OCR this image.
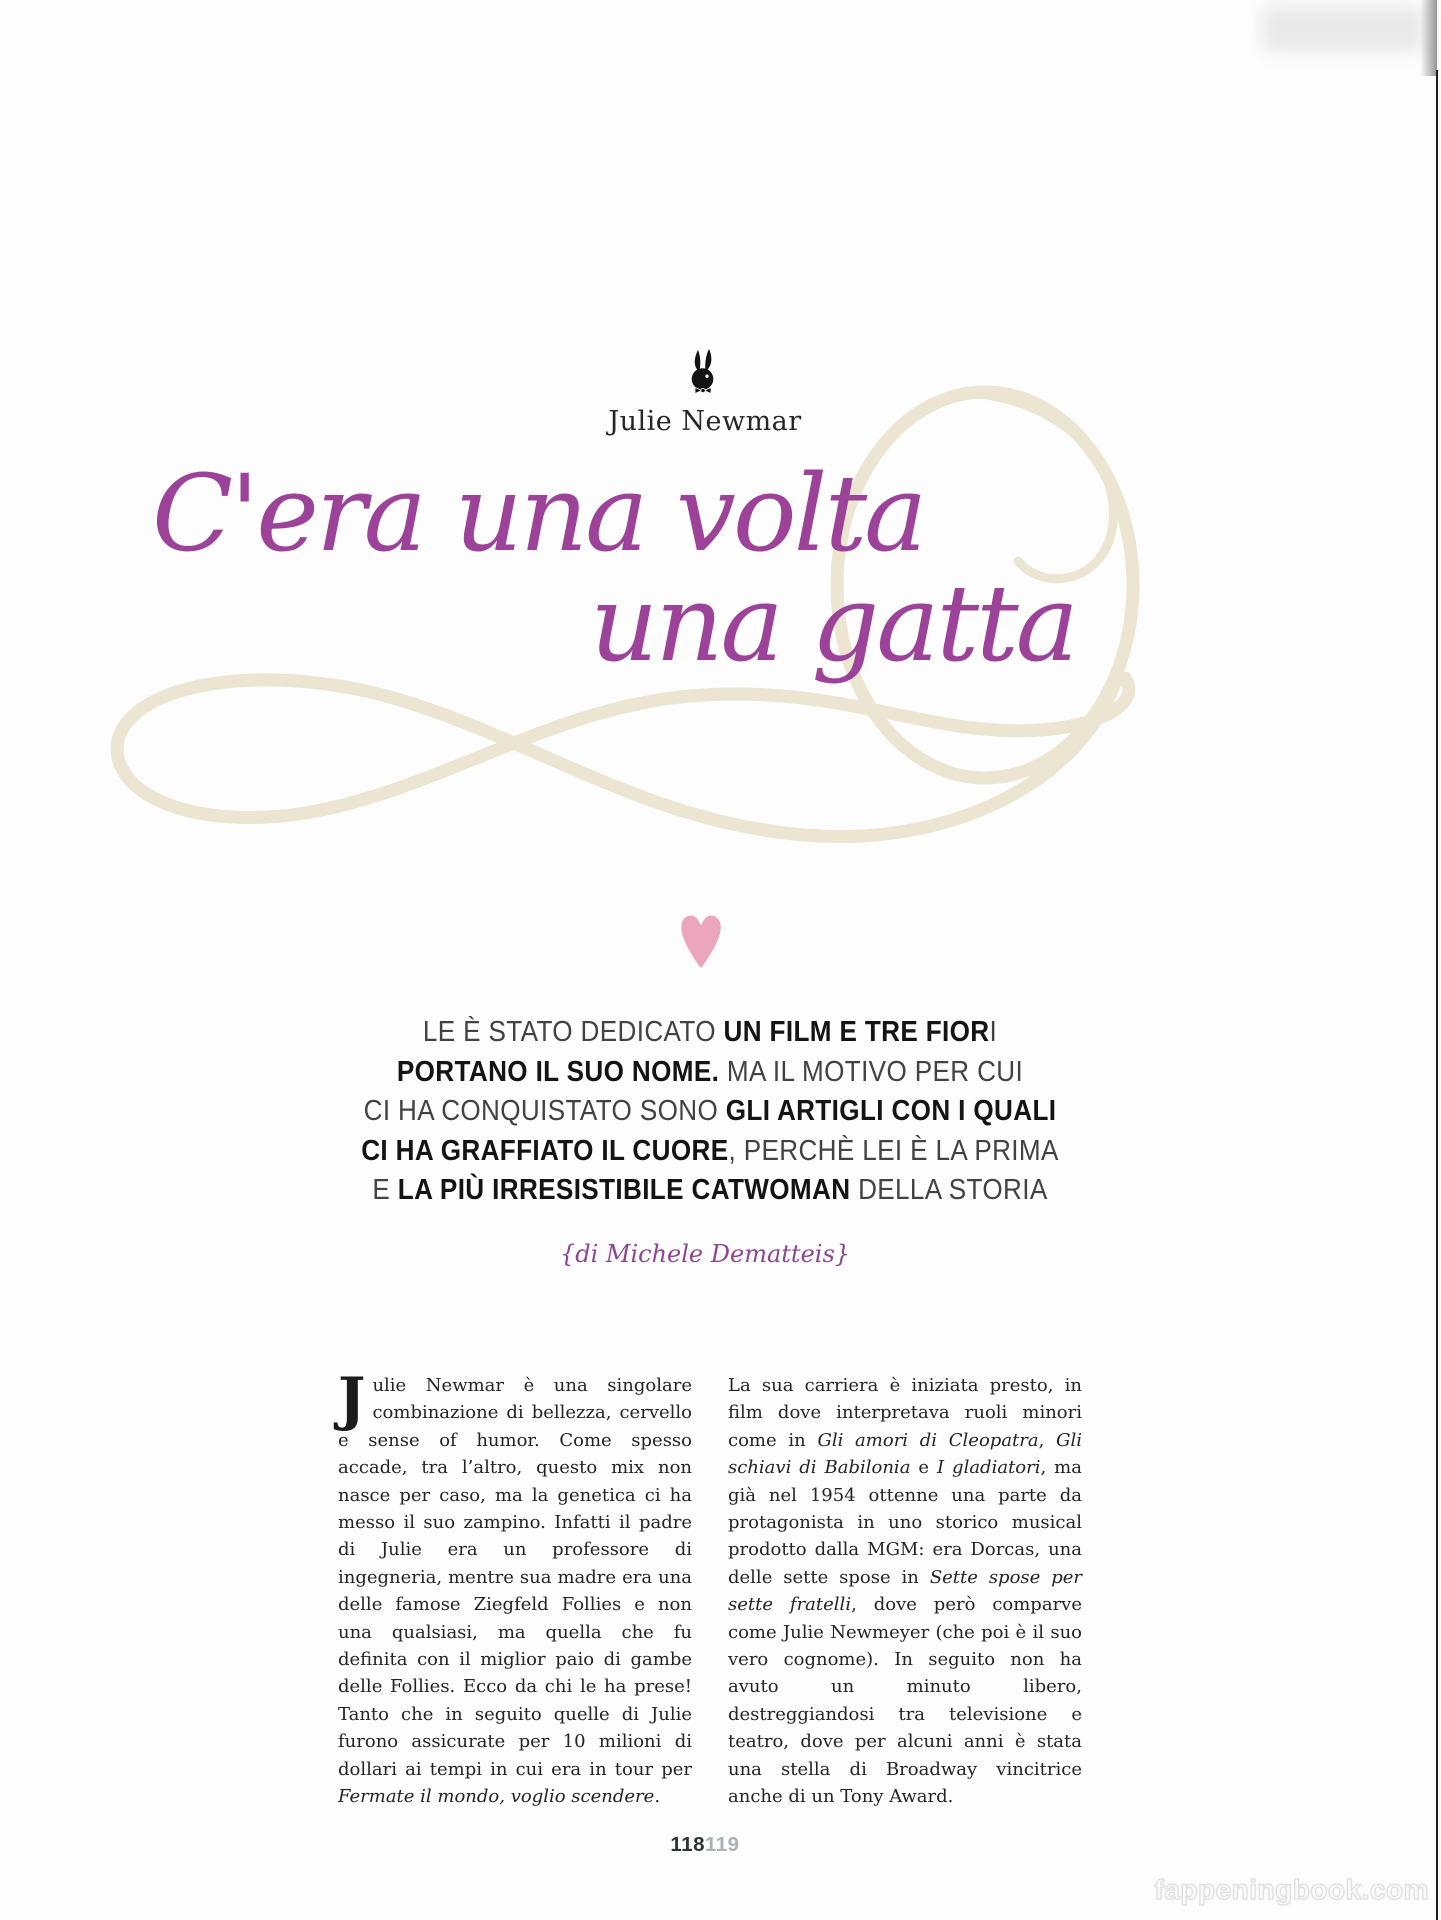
Julie Newmar
C'era una volta
una gatta
LE È STATO DEDICATO UN FILM E TRE FIORI
PORTANO IL SUO NOME. MA IL MOTIVO PER CUI
CI HA CONQUISTATO SONO GLI ARTIGLI CON I QUALI
CI HA GRAFFIATO IL CUORE, PERCHÈ LEI È LA PRIMA
E LA PIÙ IRRESISTIBILE CATWOMAN DELLA STORIA
{di Michele Dematteis}
Julie Newmar è una singolare combinazione di bellezza, cervello e sense of humor. Come spesso accade, tra l’altro, questo mix non nasce per caso, ma la genetica ci ha messo il suo zampino. Infatti il padre di Julie era un professore di ingegneria, mentre sua madre era una delle famose Ziegfeld Follies e non una qualsiasi, ma quella che fu definita con il miglior paio di gambe delle Follies. Ecco da chi le ha prese! Tanto che in seguito quelle di Julie furono assicurate per 10 milioni di dollari ai tempi in cui era in tour per Fermate il mondo, voglio scendere.
La sua carriera è iniziata presto, in film dove interpretava ruoli minori come in Gli amori di Cleopatra, Gli schiavi di Babilonia e I gladiatori, ma già nel 1954 ottenne una parte da protagonista in uno storico musical prodotto dalla MGM: era Dorcas, una delle sette spose in Sette spose per sette fratelli, dove però comparve come Julie Newmeyer (che poi è il suo vero cognome). In seguito non ha avuto un minuto libero, destreggiandosi tra televisione e teatro, dove per alcuni anni è stata una stella di Broadway vincitrice anche di un Tony Award.
118119
fappeningbook.com
